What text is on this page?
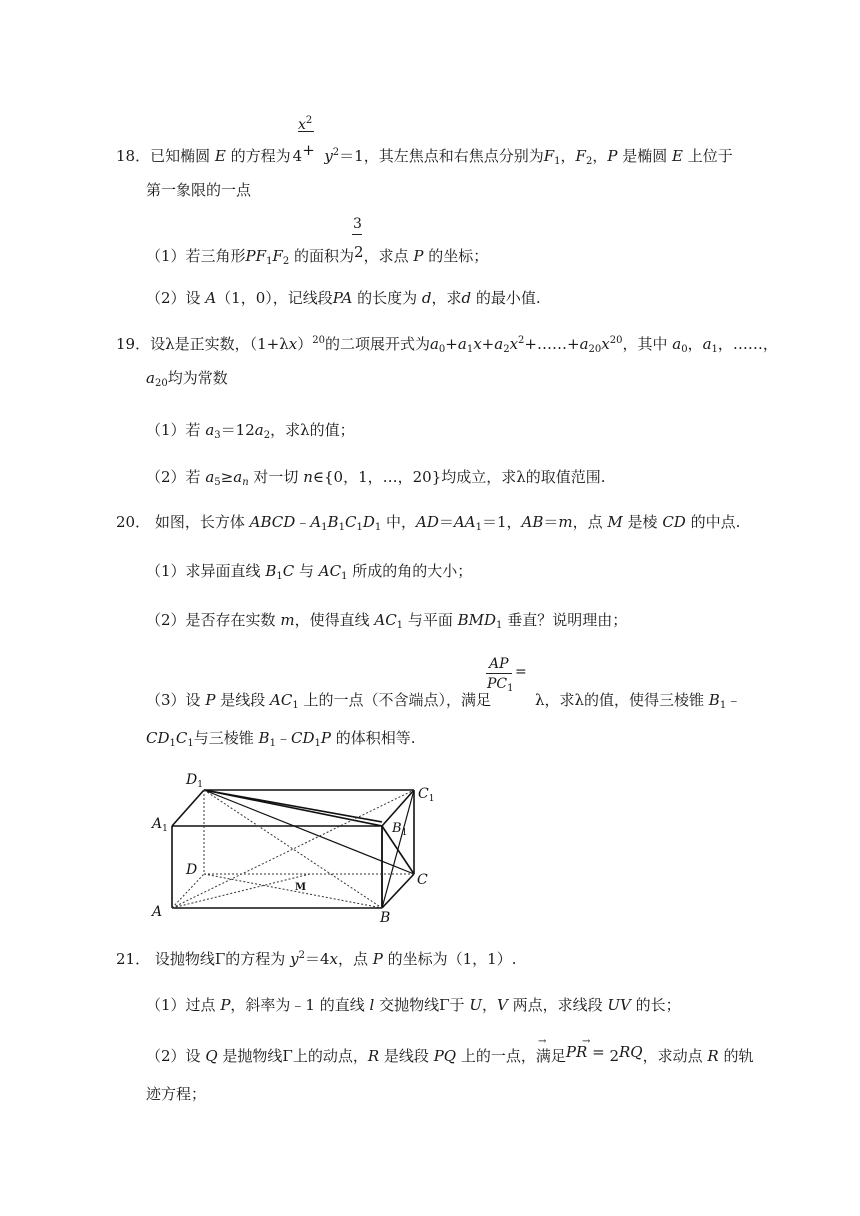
$x^2$
18．已知椭圆 E 的方程为 $4+ y^2=1$，其左焦点和右焦点分别为$F_1$，$F_2$，P 是椭圆 E 上位于
第一象限的一点
3
（1）若三角形$PF_1F_2$ 的面积为2，求点 P 的坐标；
（2）设 A（1，0），记线段PA 的长度为 d，求d 的最小值.
19．设λ是正实数，$(1+\lambda x)^{20}$的二项展开式为$a_0+a_1x+a_2x^2+\dots\dots+a_{20}x^{20}$，其中 $a_0$，$a_1$，……，
$a_{20}$均为常数
（1）若 $a_3=12a_2$，求λ的值；
（2）若 $a_5\ge a_n$ 对一切 n∈{0，1，…，20}均成立，求λ的取值范围.
20． 如图，长方体 $ABCD﹣A_1B_1C_1D_1$ 中，$AD=AA_1=1$，AB＝m，点 M 是棱 CD 的中点.
（1）求异面直线 $B_1C$ 与 $AC_1$ 所成的角的大小；
（2）是否存在实数 m，使得直线 $AC_1$ 与平面 $BMD_1$ 垂直？说明理由；
AP =
$PC_1$
（3）设 P 是线段 $AC_1$ 上的一点（不含端点），满足	λ，求λ的值，使得三棱锥 $B_1﹣$
$CD_1C_1$与三棱锥 $B_1﹣CD_1P$ 的体积相等.
$D_1$
$C_1$
$A_1$	$B_1$
D
C
A	B
M
21． 设抛物线Γ的方程为 $y^2=4x$，点 P 的坐标为（1，1）.
（1）过点 P，斜率为﹣1 的直线 l 交抛物线Γ于 U，V 两点，求线段 UV 的长；
→	→
（2）设 Q 是抛物线Γ上的动点，R 是线段 PQ 上的一点，满足PR = 2RQ，求动点 R 的轨
迹方程；
